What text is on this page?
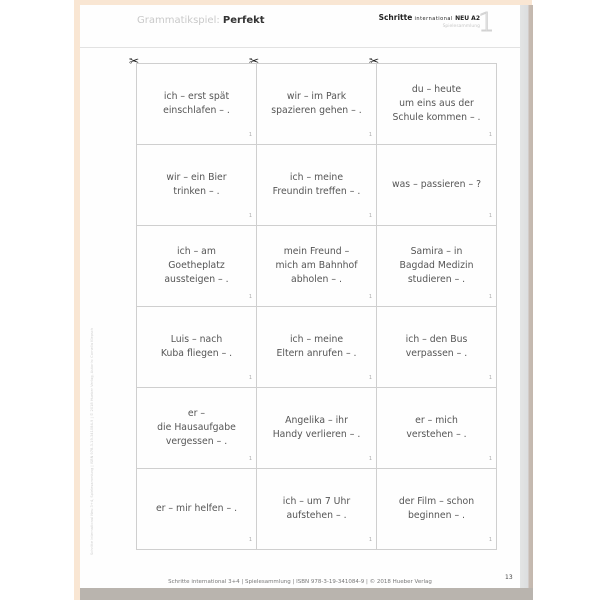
Grammatikspiel: Perfekt	Schritte international NEU A2
Spielesammlung
1
✂	✂	✂
ich – erst spät
einschlafen – .
1
wir – im Park
spazieren gehen – .
1
du – heute
um eins aus der
Schule kommen – .
1
wir – ein Bier
trinken – .
1
ich – meine
Freundin treffen – .
1
was – passieren – ?
1
ich – am
Goetheplatz
aussteigen – .
1
mein Freund –
mich am Bahnhof
abholen – .
1
Samira – in
Bagdad Medizin
studieren – .
1
Luis – nach
Kuba fliegen – .
1
ich – meine
Eltern anrufen – .
1
ich – den Bus
verpassen – .
1
er –
die Hausaufgabe
vergessen – .
1
Angelika – ihr
Handy verlieren – .
1
er – mich
verstehen – .
1
er – mir helfen – .
1
ich – um 7 Uhr
aufstehen – .
1
der Film – schon
beginnen – .
1
Schritte international Neu 3+4, Spielesammlung | ISBN 978-3-19-341084-9 | © 2018 Hueber Verlag, Autorin: Cornelia Klepsch
Schritte international 3+4 | Spielesammlung | ISBN 978-3-19-341084-9 | © 2018 Hueber Verlag
13
